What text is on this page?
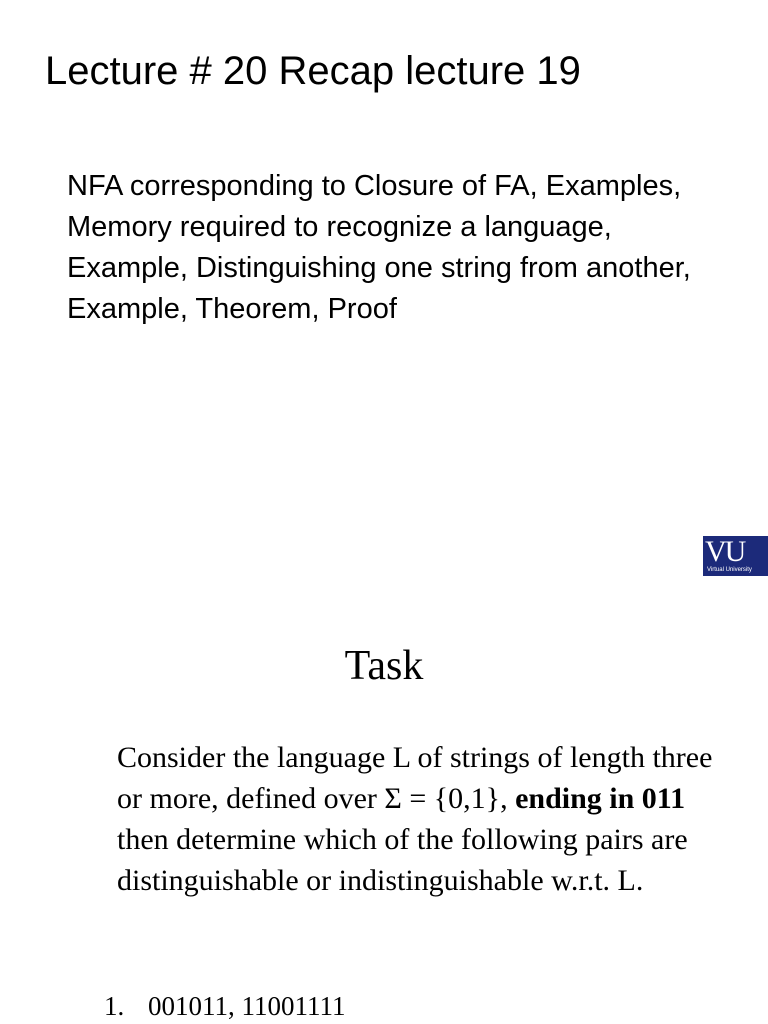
Lecture # 20 Recap lecture 19

NFA corresponding to Closure of FA, Examples, Memory required to recognize a language, Example, Distinguishing one string from another, Example, Theorem, Proof

VU
Virtual University
Task

Consider the language L of strings of length three or more, defined over Σ = {0,1}, ending in 011 then determine which of the following pairs are distinguishable or indistinguishable w.r.t. L.

1. 001011, 11001111
